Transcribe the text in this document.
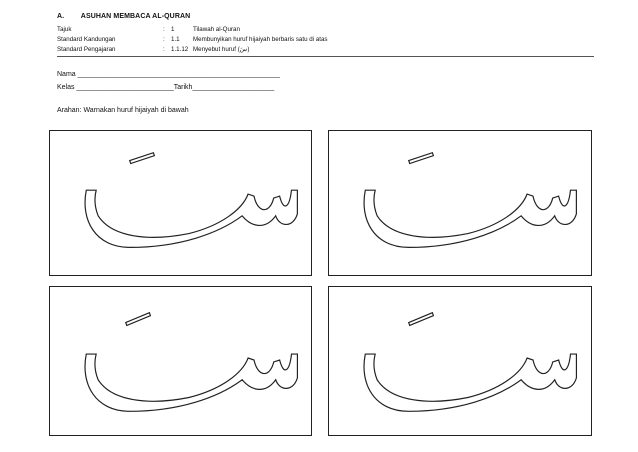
A. ASUHAN MEMBACA AL-QURAN
Tajuk	: 1	Tilawah al-Quran
Standard Kandungan	: 1.1 Membunyikan huruf hijaiyah berbaris satu di atas
Standard Pengajaran	: 1.1.12 Menyebut huruf (سَ)
Nama ____________________________________________________
Kelas _________________________Tarikh_____________________
Arahan: Warnakan huruf hijaiyah di bawah
